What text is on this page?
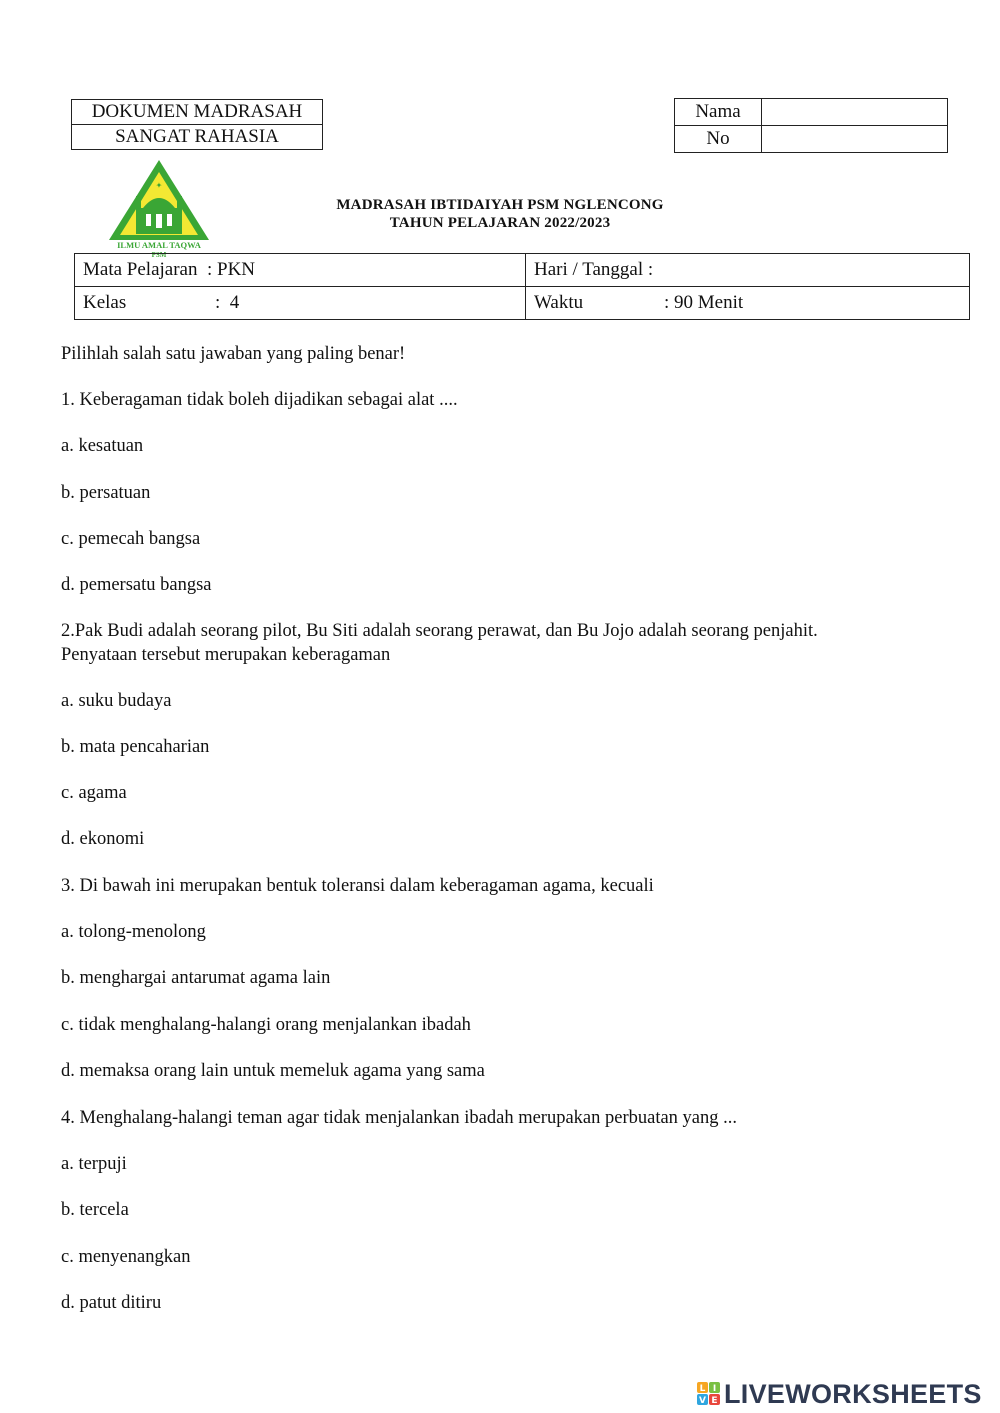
DOKUMEN MADRASAH
SANGAT RAHASIA
Nama	
No	
✦
ILMU AMAL TAQWA
PSM
MADRASAH IBTIDAIYAH PSM NGLENCONG
TAHUN PELAJARAN 2022/2023
Mata Pelajaran  : PKN	Hari / Tanggal :
Kelas :  4	Waktu : 90 Menit
Pilihlah salah satu jawaban yang paling benar!
1. Keberagaman tidak boleh dijadikan sebagai alat ....
a. kesatuan
b. persatuan
c. pemecah bangsa
d. pemersatu bangsa
2.Pak Budi adalah seorang pilot, Bu Siti adalah seorang perawat, dan Bu Jojo adalah seorang penjahit.
Penyataan tersebut merupakan keberagaman
a. suku budaya
b. mata pencaharian
c. agama
d. ekonomi
3. Di bawah ini merupakan bentuk toleransi dalam keberagaman agama, kecuali
a. tolong-menolong
b. menghargai antarumat agama lain
c. tidak menghalang-halangi orang menjalankan ibadah
d. memaksa orang lain untuk memeluk agama yang sama
4. Menghalang-halangi teman agar tidak menjalankan ibadah merupakan perbuatan yang ...
a. terpuji
b. tercela
c. menyenangkan
d. patut ditiru
L I
V E LIVEWORKSHEETS
